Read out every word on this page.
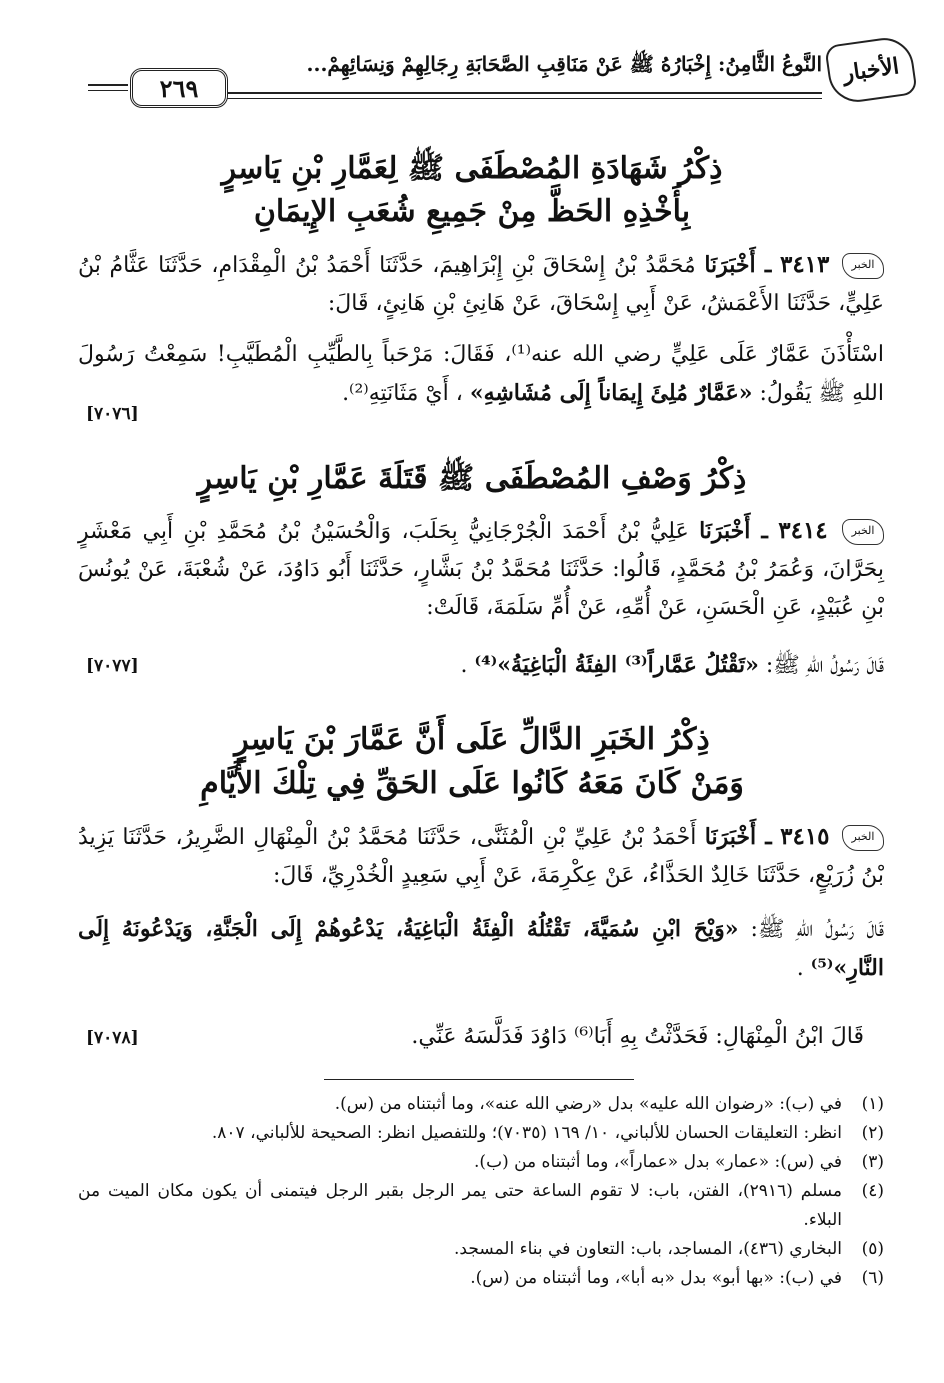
الأخبار
النَّوعُ الثَّامِنُ: إِخْبَارُهُ ﷺ عَنْ مَنَاقِبِ الصَّحَابَةِ رِجَالِهِمْ وَنِسَائِهِمْ...
٢٦٩
ذِكْرُ شَهَادَةِ المُصْطَفَى ﷺ لِعَمَّارِ بْنِ يَاسِرٍ
بِأَخْذِهِ الحَظَّ مِنْ جَمِيعِ شُعَبِ الإِيمَانِ
الخبر ٣٤١٣ ـ أَخْبَرَنَا مُحَمَّدُ بْنُ إِسْحَاقَ بْنِ إِبْرَاهِيمَ، حَدَّثَنَا أَحْمَدُ بْنُ الْمِقْدَامِ، حَدَّثَنَا عَثَّامُ بْنُ عَلِيٍّ، حَدَّثَنَا الأَعْمَشُ، عَنْ أَبِي إِسْحَاقَ، عَنْ هَانِئِ بْنِ هَانِئٍ، قَالَ:
اسْتَأْذَنَ عَمَّارٌ عَلَى عَلِيٍّ رضي الله عنه⁽¹⁾، فَقَالَ: مَرْحَباً بِالطَّيِّبِ الْمُطَيَّبِ! سَمِعْتُ رَسُولَ اللهِ ﷺ يَقُولُ: «عَمَّارٌ مُلِئَ إِيمَاناً إِلَى مُشَاشِهِ» ، أَيْ مَثَانَتِهِ⁽²⁾.
[٧٠٧٦]
ذِكْرُ وَصْفِ المُصْطَفَى ﷺ قَتَلَةَ عَمَّارِ بْنِ يَاسِرٍ
الخبر ٣٤١٤ ـ أَخْبَرَنَا عَلِيُّ بْنُ أَحْمَدَ الْجُرْجَانِيُّ بِحَلَبَ، وَالْحُسَيْنُ بْنُ مُحَمَّدِ بْنِ أَبِي مَعْشَرٍ بِحَرَّانَ، وَعُمَرُ بْنُ مُحَمَّدٍ، قَالُوا: حَدَّثَنَا مُحَمَّدُ بْنُ بَشَّارٍ، حَدَّثَنَا أَبُو دَاوُدَ، عَنْ شُعْبَةَ، عَنْ يُونُسَ بْنِ عُبَيْدٍ، عَنِ الْحَسَنِ، عَنْ أُمِّهِ، عَنْ أُمِّ سَلَمَةَ، قَالَتْ:
قَالَ رَسُولُ اللهِ ﷺ: «تَقْتُلُ عَمَّاراً⁽³⁾ الفِئَةُ الْبَاغِيَةُ»⁽⁴⁾ .
[٧٠٧٧]
ذِكْرُ الخَبَرِ الدَّالِّ عَلَى أَنَّ عَمَّارَ بْنَ يَاسِرٍ
وَمَنْ كَانَ مَعَهُ كَانُوا عَلَى الحَقِّ فِي تِلْكَ الأَيَّامِ
الخبر ٣٤١٥ ـ أَخْبَرَنَا أَحْمَدُ بْنُ عَلِيِّ بْنِ الْمُثَنَّى، حَدَّثَنَا مُحَمَّدُ بْنُ الْمِنْهَالِ الضَّرِيرُ، حَدَّثَنَا يَزِيدُ بْنُ زُرَيْعٍ، حَدَّثَنَا خَالِدٌ الحَذَّاءُ، عَنْ عِكْرِمَةَ، عَنْ أَبِي سَعِيدٍ الْخُدْرِيِّ، قَالَ:
قَالَ رَسُولُ اللهِ ﷺ: «وَيْحَ ابْنِ سُمَيَّةَ، تَقْتُلُهُ الْفِئَةُ الْبَاغِيَةُ، يَدْعُوهُمْ إِلَى الْجَنَّةِ، وَيَدْعُونَهُ إِلَى النَّارِ»⁽⁵⁾ .
قَالَ ابْنُ الْمِنْهَالِ: فَحَدَّثْتُ بِهِ أَبَا⁽⁶⁾ دَاوُدَ فَدَلَّسَهُ عَنِّي.
[٧٠٧٨]
(١)
في (ب): «رضوان الله عليه» بدل «رضي الله عنه»، وما أثبتناه من (س).
(٢)
انظر: التعليقات الحسان للألباني، ١٠/ ١٦٩ (٧٠٣٥)؛ وللتفصيل انظر: الصحيحة للألباني، ٨٠٧.
(٣)
في (س): «عمار» بدل «عماراً»، وما أثبتناه من (ب).
(٤)
مسلم (٢٩١٦)، الفتن، باب: لا تقوم الساعة حتى يمر الرجل بقبر الرجل فيتمنى أن يكون مكان الميت من البلاء.
(٥)
البخاري (٤٣٦)، المساجد، باب: التعاون في بناء المسجد.
(٦)
في (ب): «بها أبو» بدل «به أبا»، وما أثبتناه من (س).
